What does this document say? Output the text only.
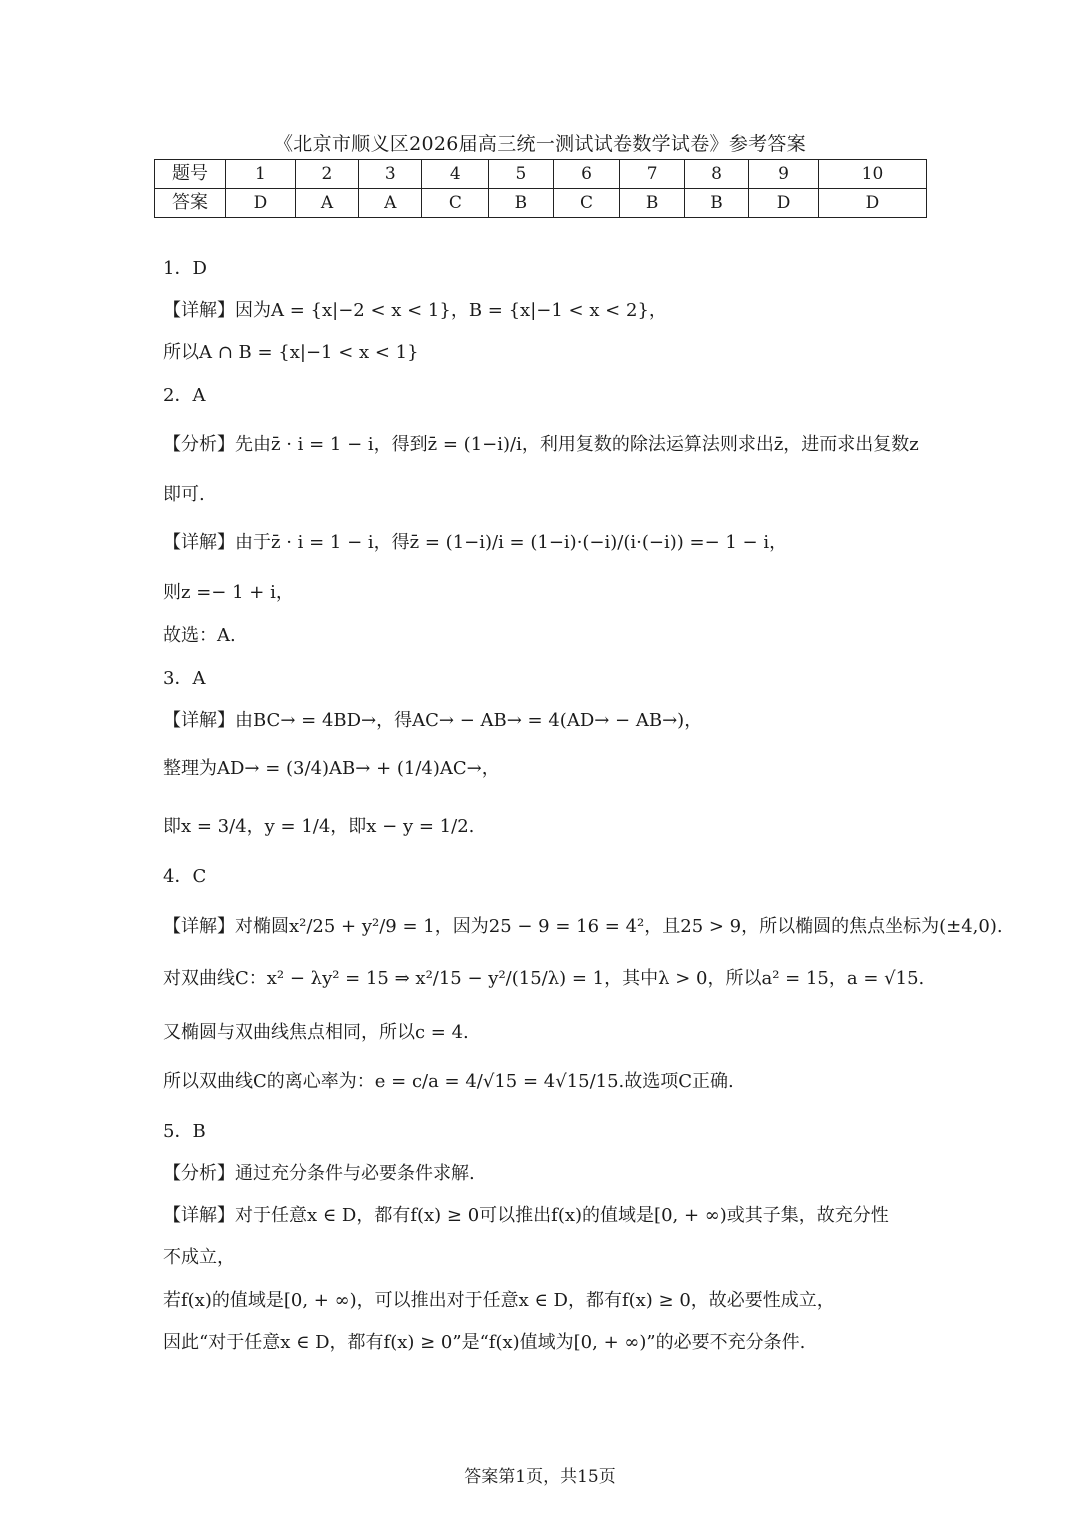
《北京市顺义区2026届高三统一测试试卷数学试卷》参考答案
题号	1	2	3	4	5	6	7	8	9	10
答案	D	A	A	C	B	C	B	B	D	D
1．D
【详解】因为A = {x|−2 < x < 1}，B = {x|−1 < x < 2}，
所以A ∩ B = {x|−1 < x < 1}
2．A
【分析】先由z̄ · i = 1 − i，得到z̄ = (1−i)/i，利用复数的除法运算法则求出z̄，进而求出复数z
即可.
【详解】由于z̄ · i = 1 − i，得z̄ = (1−i)/i = (1−i)·(−i)/(i·(−i)) =− 1 − i，
则z =− 1 + i，
故选：A.
3．A
【详解】由BC→ = 4BD→，得AC→ − AB→ = 4(AD→ − AB→)，
整理为AD→ = (3/4)AB→ + (1/4)AC→，
即x = 3/4，y = 1/4，即x − y = 1/2.
4．C
【详解】对椭圆x²/25 + y²/9 = 1，因为25 − 9 = 16 = 4²，且25 > 9，所以椭圆的焦点坐标为(±4,0).
对双曲线C：x² − λy² = 15 ⇒ x²/15 − y²/(15/λ) = 1，其中λ > 0，所以a² = 15，a = √15.
又椭圆与双曲线焦点相同，所以c = 4.
所以双曲线C的离心率为：e = c/a = 4/√15 = 4√15/15.故选项C正确.
5．B
【分析】通过充分条件与必要条件求解.
【详解】对于任意x ∈ D，都有f(x) ≥ 0可以推出f(x)的值域是[0, + ∞)或其子集，故充分性
不成立，
若f(x)的值域是[0, + ∞)，可以推出对于任意x ∈ D，都有f(x) ≥ 0，故必要性成立，
因此“对于任意x ∈ D，都有f(x) ≥ 0”是“f(x)值域为[0, + ∞)”的必要不充分条件.
答案第1页，共15页
